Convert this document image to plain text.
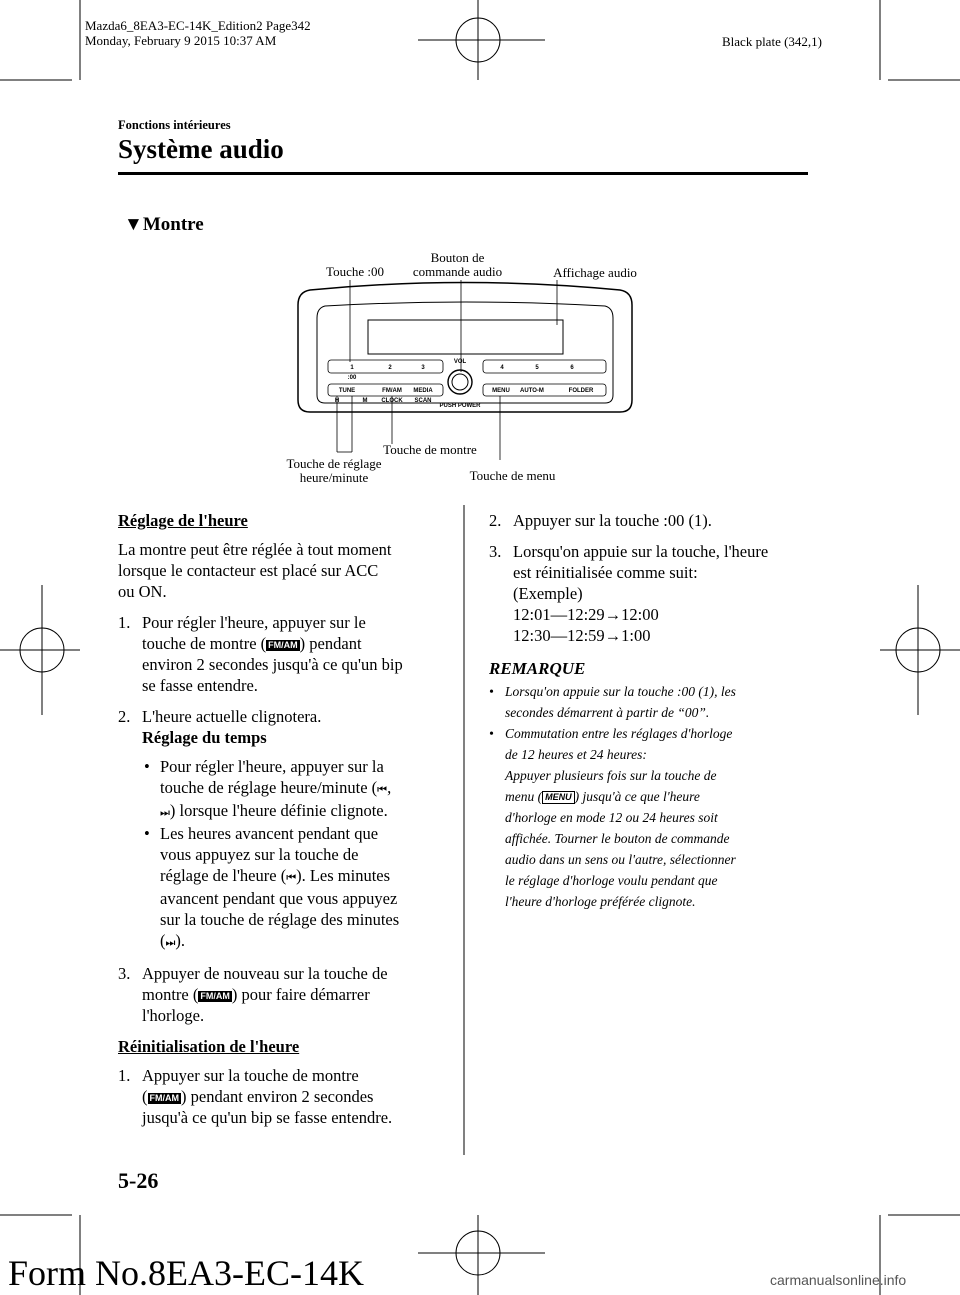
Mazda6_8EA3-EC-14K_Edition2 Page342
Monday, February 9 2015 10:37 AM	Black plate (342,1)
Fonctions intérieures
Système audio
▼Montre
Touche :00
Bouton de
commande audio	Affichage audio
Touche de montre
Touche de réglage
heure/minute	Touche de menu
1	2	3	4	5	6
:00
VOL
PUSH POWER
TUNE	FM/AM MEDIA	MENU AUTO-M	FOLDER
H	M CLOCK SCAN
Réglage de l'heure
La montre peut être réglée à tout moment
lorsque le contacteur est placé sur ACC
ou ON.
1. Pour régler l'heure, appuyer sur le
touche de montre ( FM/AM ) pendant
environ 2 secondes jusqu'à ce qu'un bip
se fasse entendre.
2. L'heure actuelle clignotera.
Réglage du temps
Pour régler l'heure, appuyer sur la
touche de réglage heure/minute (⏮,
⏭) lorsque l'heure définie clignote.
Les heures avancent pendant que
vous appuyez sur la touche de
réglage de l'heure (⏮). Les minutes
avancent pendant que vous appuyez
sur la touche de réglage des minutes
(⏭).
3. Appuyer de nouveau sur la touche de
montre ( FM/AM ) pour faire démarrer
l'horloge.
Réinitialisation de l'heure
1. Appuyer sur la touche de montre
( FM/AM ) pendant environ 2 secondes
jusqu'à ce qu'un bip se fasse entendre.
2. Appuyer sur la touche :00 (1).
3. Lorsqu'on appuie sur la touche, l'heure
est réinitialisée comme suit:
(Exemple)
12:01―12:29→12:00
12:30―12:59→1:00
REMARQUE
Lorsqu'on appuie sur la touche :00 (1), les
secondes démarrent à partir de “00”.
Commutation entre les réglages d'horloge
de 12 heures et 24 heures:
Appuyer plusieurs fois sur la touche de
menu ( MENU ) jusqu'à ce que l'heure
d'horloge en mode 12 ou 24 heures soit
affichée. Tourner le bouton de commande
audio dans un sens ou l'autre, sélectionner
le réglage d'horloge voulu pendant que
l'heure d'horloge préférée clignote.
5-26
Form No.8EA3-EC-14K	carmanualsonline.info
